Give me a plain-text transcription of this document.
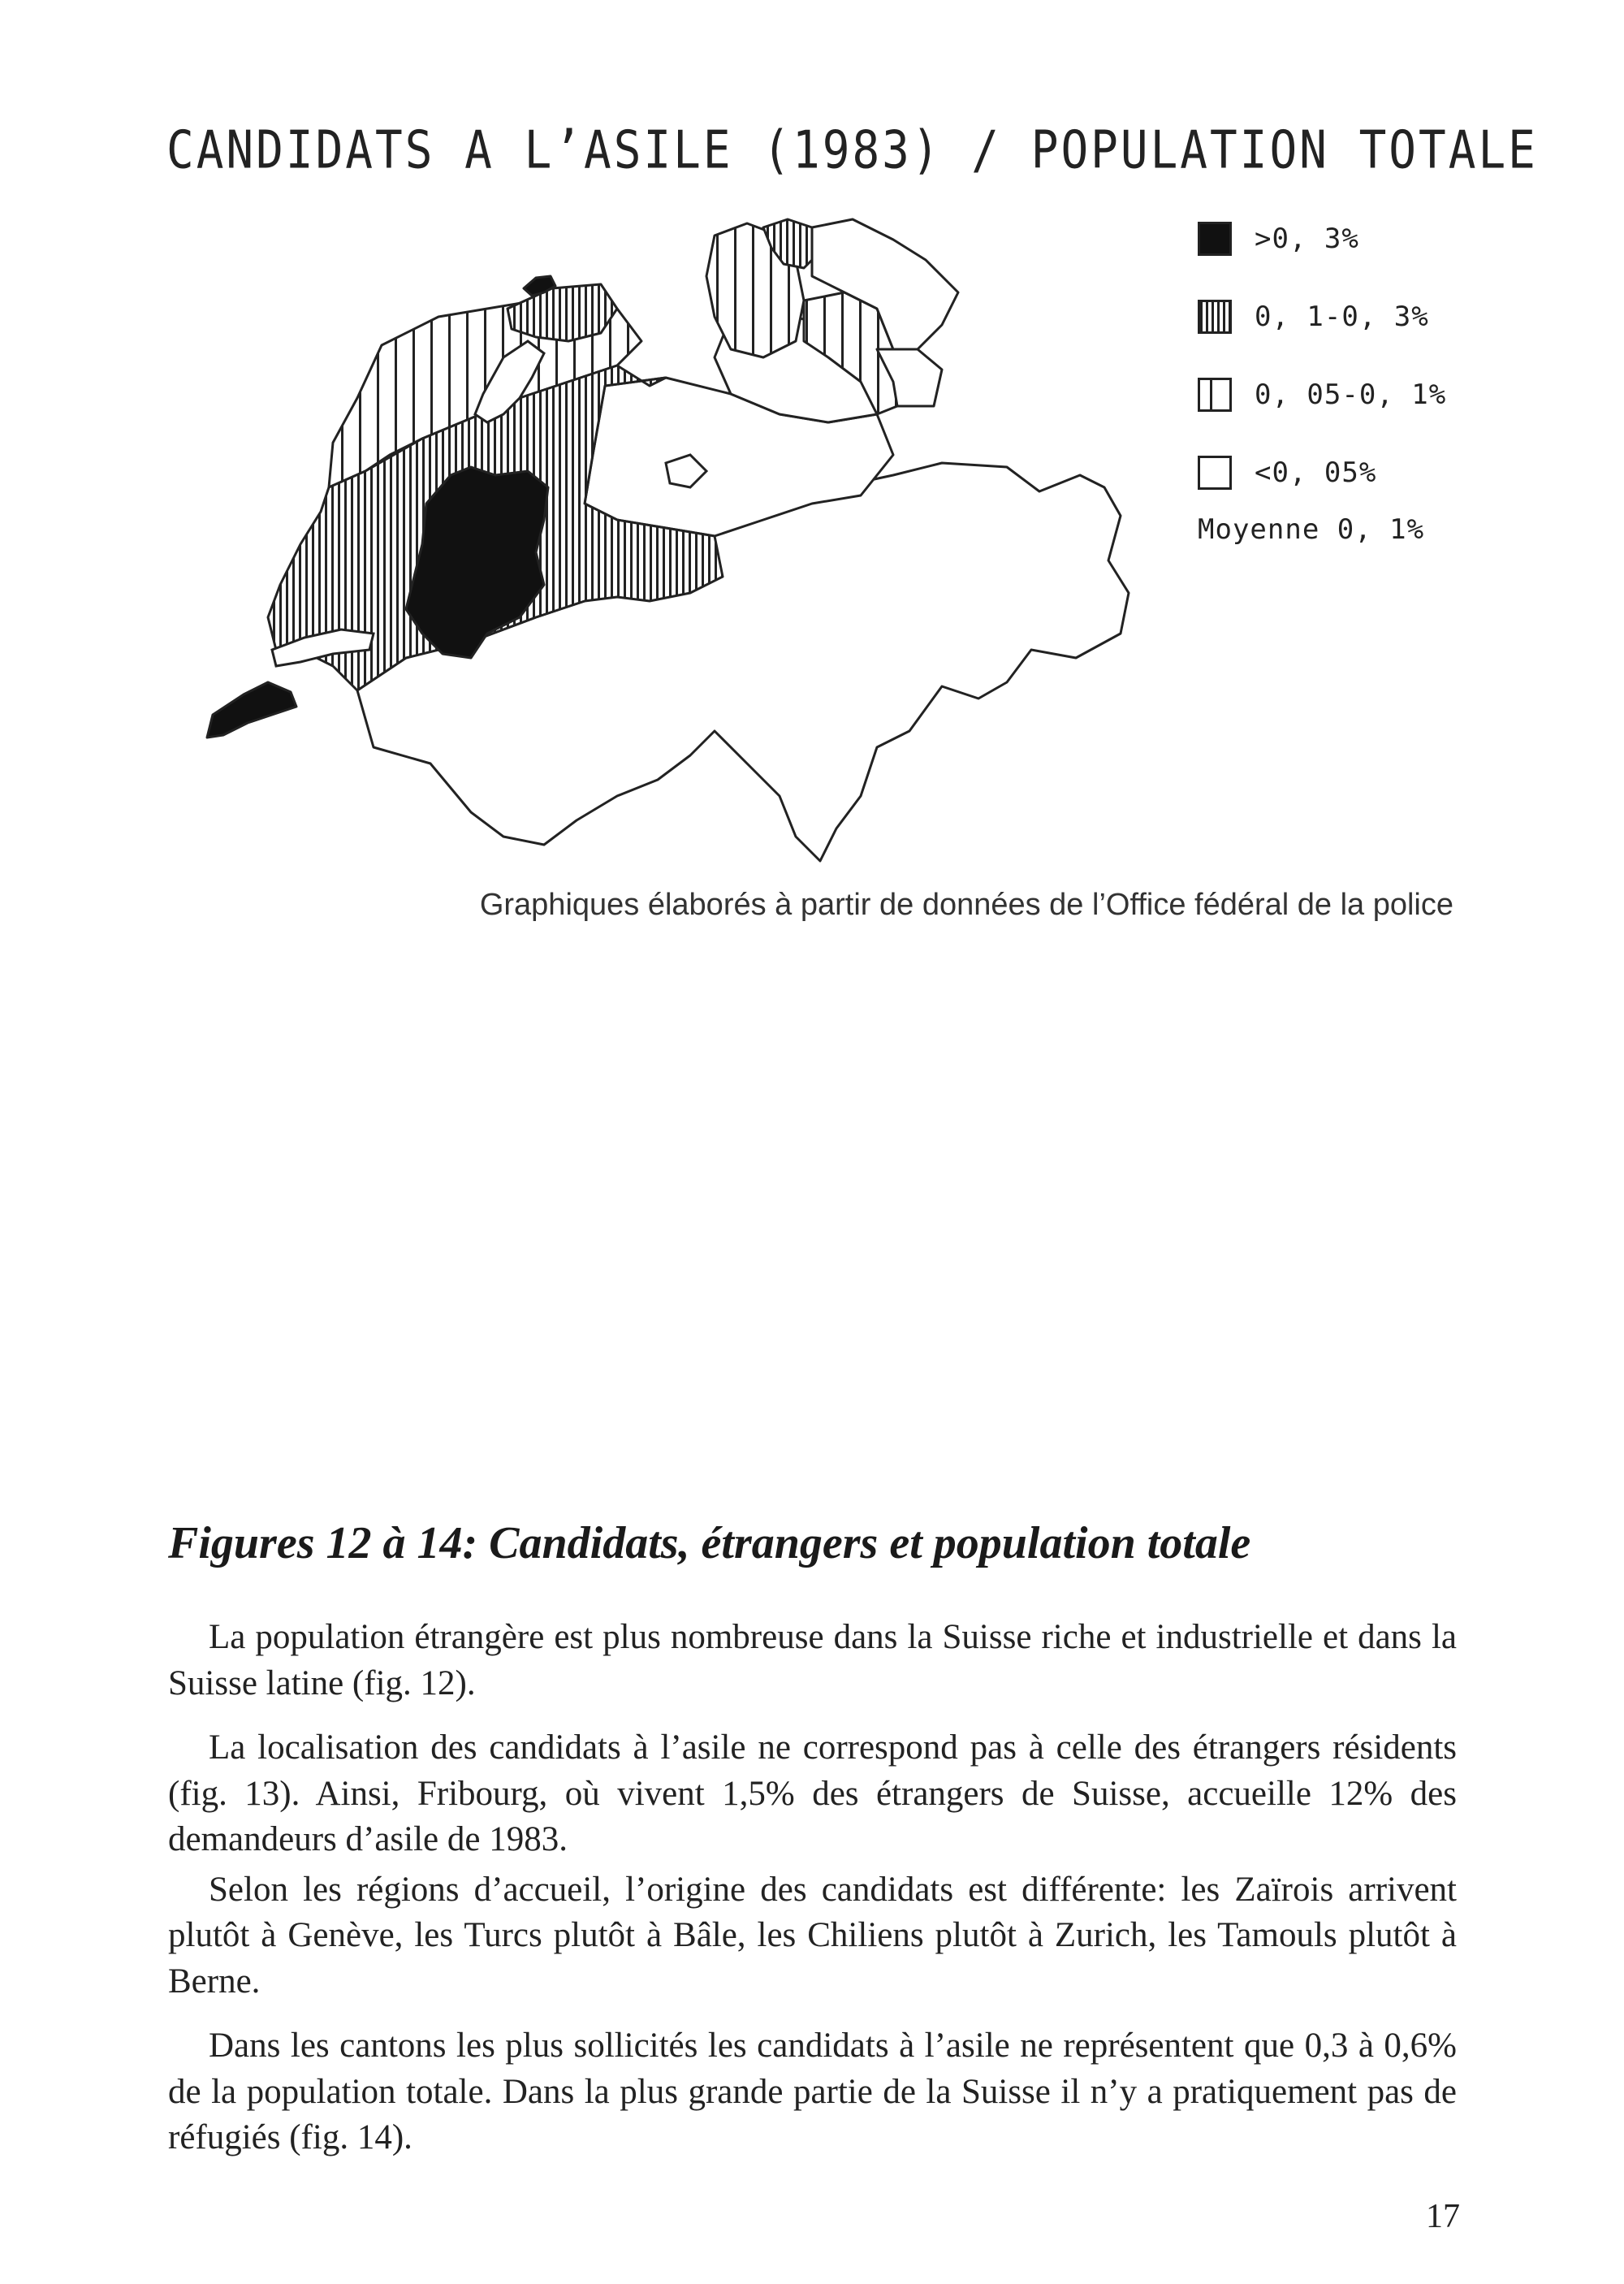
CANDIDATS A L’ASILE (1983) / POPULATION TOTALE
>0, 3%
0, 1-0, 3%
0, 05-0, 1%
<0, 05%
Moyenne 0, 1%
Graphiques élaborés à partir de données de l’Office fédéral de la police
Figures 12 à 14: Candidats, étrangers et population totale

La population étrangère est plus nombreuse dans la Suisse riche et industrielle et dans la Suisse latine (fig. 12).

La localisation des candidats à l’asile ne correspond pas à celle des étrangers résidents (fig. 13). Ainsi, Fribourg, où vivent 1,5% des étrangers de Suisse, accueille 12% des demandeurs d’asile de 1983.

Selon les régions d’accueil, l’origine des candidats est différente: les Zaïrois arrivent plutôt à Genève, les Turcs plutôt à Bâle, les Chiliens plutôt à Zurich, les Tamouls plutôt à Berne.

Dans les cantons les plus sollicités les candidats à l’asile ne représentent que 0,3 à 0,6% de la population totale. Dans la plus grande partie de la Suisse il n’y a pratiquement pas de réfugiés (fig. 14).

17
